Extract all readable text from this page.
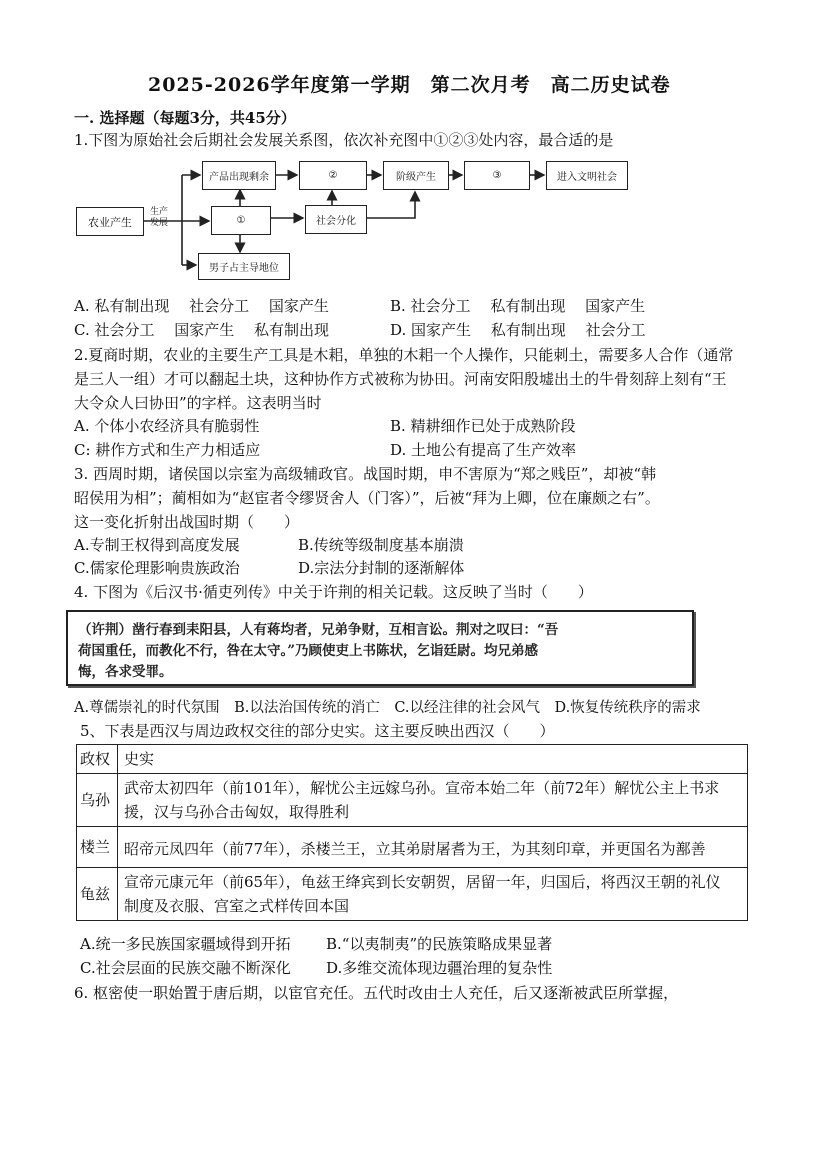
2025-2026学年度第一学期　第二次月考　高二历史试卷
一. 选择题（每题3分，共45分）
1.下图为原始社会后期社会发展关系图，依次补充图中①②③处内容，最合适的是
农业产生
生产
发展
产品出现剩余	②	阶级产生	③	进入文明社会
①	社会分化
男子占主导地位
A. 私有制出现　 社会分工　 国家产生	B. 社会分工　 私有制出现　 国家产生
C. 社会分工　 国家产生　 私有制出现	D. 国家产生　 私有制出现　 社会分工
2.夏商时期，农业的主要生产工具是木耜，单独的木耜一个人操作，只能刺土，需要多人合作（通常
是三人一组）才可以翻起土块，这种协作方式被称为协田。河南安阳殷墟出土的牛骨刻辞上刻有“王
大令众人曰协田”的字样。这表明当时
A. 个体小农经济具有脆弱性	B. 精耕细作已处于成熟阶段
C: 耕作方式和生产力相适应	D. 土地公有提高了生产效率
3. 西周时期，诸侯国以宗室为高级辅政官。战国时期，申不害原为“郑之贱臣”，却被“韩
昭侯用为相”；蔺相如为“赵宦者令缪贤舍人（门客）”，后被“拜为上卿，位在廉颇之右”。
这一变化折射出战国时期（　　）
A.专制王权得到高度发展	B.传统等级制度基本崩溃
C.儒家伦理影响贵族政治	D.宗法分封制的逐渐解体
4. 下图为《后汉书·循吏列传》中关于许荆的相关记载。这反映了当时（　　）
（许荆）凿行春到耒阳县，人有蒋均者，兄弟争财，互相言讼。荆对之叹曰：“吾
荷国重任，而教化不行，咎在太守。”乃顾使吏上书陈状，乞诣廷尉。均兄弟感
悔，各求受罪。
A.尊儒崇礼的时代氛围　B.以法治国传统的消亡　C.以经注律的社会风气　D.恢复传统秩序的需求
5、下表是西汉与周边政权交往的部分史实。这主要反映出西汉（　　）
政权	史实
乌孙	武帝太初四年（前101年），解忧公主远嫁乌孙。宣帝本始二年（前72年）解忧公主上书求
援，汉与乌孙合击匈奴，取得胜利

楼兰	昭帝元凤四年（前77年），杀楼兰王，立其弟尉屠耆为王，为其刻印章，并更国名为鄯善

龟兹	宣帝元康元年（前65年），龟兹王绛宾到长安朝贺，居留一年，归国后，将西汉王朝的礼仪
制度及衣服、宫室之式样传回本国
A.统一多民族国家疆域得到开拓 B.“以夷制夷”的民族策略成果显著
C.社会层面的民族交融不断深化 D.多维交流体现边疆治理的复杂性
6. 枢密使一职始置于唐后期，以宦官充任。五代时改由士人充任，后又逐渐被武臣所掌握，
